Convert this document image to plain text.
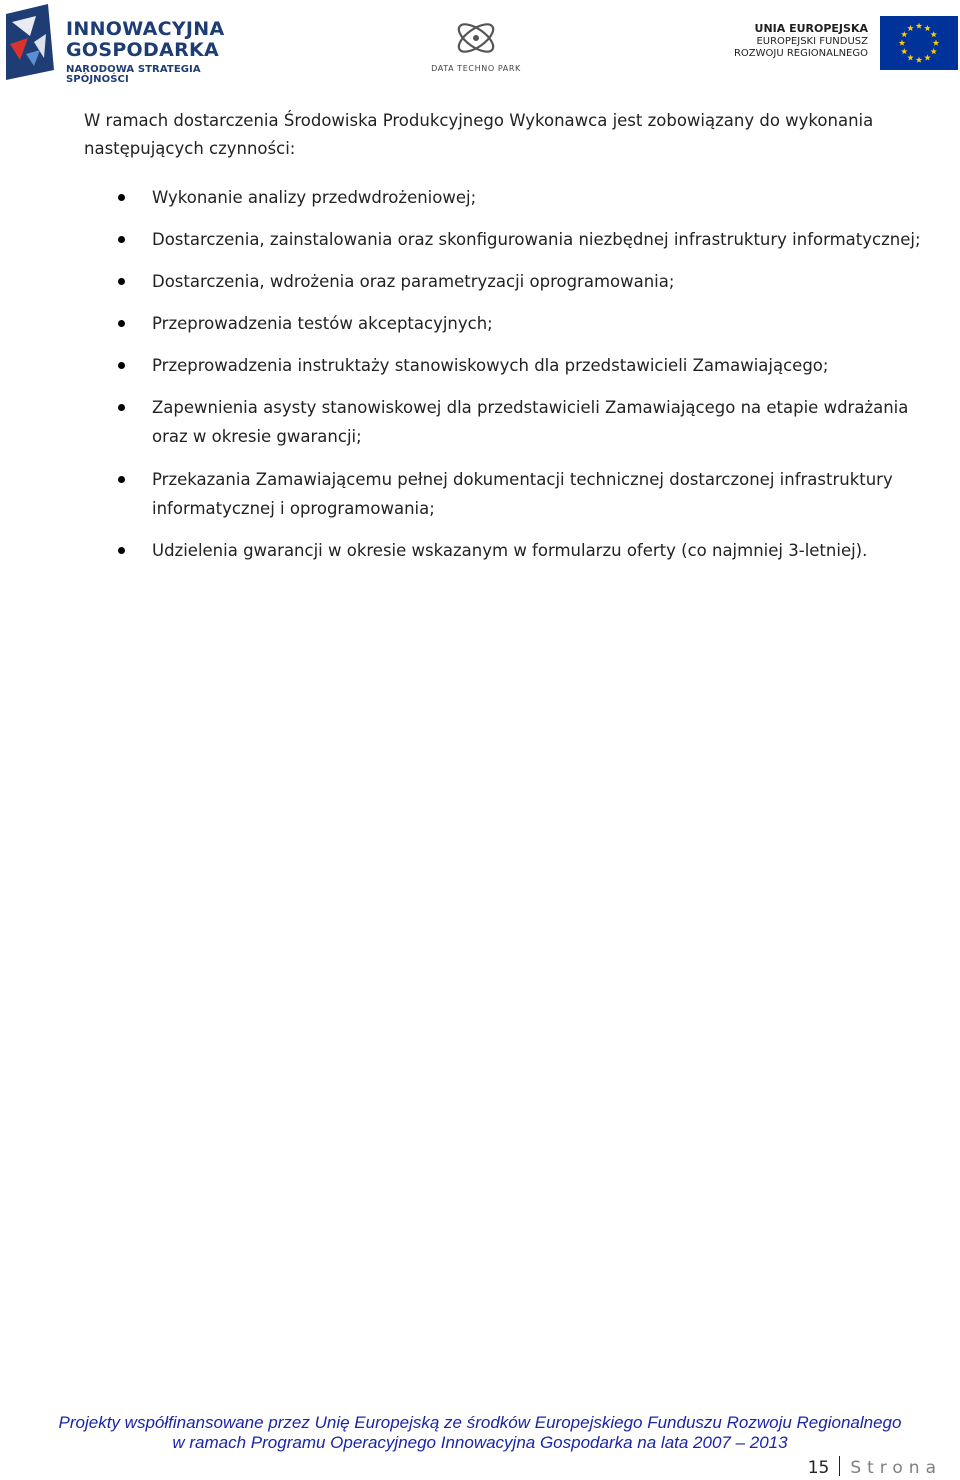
INNOWACYJNA
GOSPODARKA
NARODOWA STRATEGIA SPÓJNOŚCI
DATA TECHNO PARK
UNIA EUROPEJSKA
EUROPEJSKI FUNDUSZ
ROZWOJU REGIONALNEGO

W ramach dostarczenia Środowiska Produkcyjnego Wykonawca jest zobowiązany do wykonania następujących czynności:

Wykonanie analizy przedwdrożeniowej;
Dostarczenia, zainstalowania oraz skonfigurowania niezbędnej infrastruktury informatycznej;
Dostarczenia, wdrożenia oraz parametryzacji oprogramowania;
Przeprowadzenia testów akceptacyjnych;
Przeprowadzenia instruktaży stanowiskowych dla przedstawicieli Zamawiającego;
Zapewnienia asysty stanowiskowej dla przedstawicieli Zamawiającego na etapie wdrażania oraz w okresie gwarancji;
Przekazania Zamawiającemu pełnej dokumentacji technicznej dostarczonej infrastruktury informatycznej i oprogramowania;
Udzielenia gwarancji w okresie wskazanym w formularzu oferty (co najmniej 3-letniej).
Projekty współfinansowane przez Unię Europejską ze środków Europejskiego Funduszu Rozwoju Regionalnego
w ramach Programu Operacyjnego Innowacyjna Gospodarka na lata 2007 – 2013
15 Strona
